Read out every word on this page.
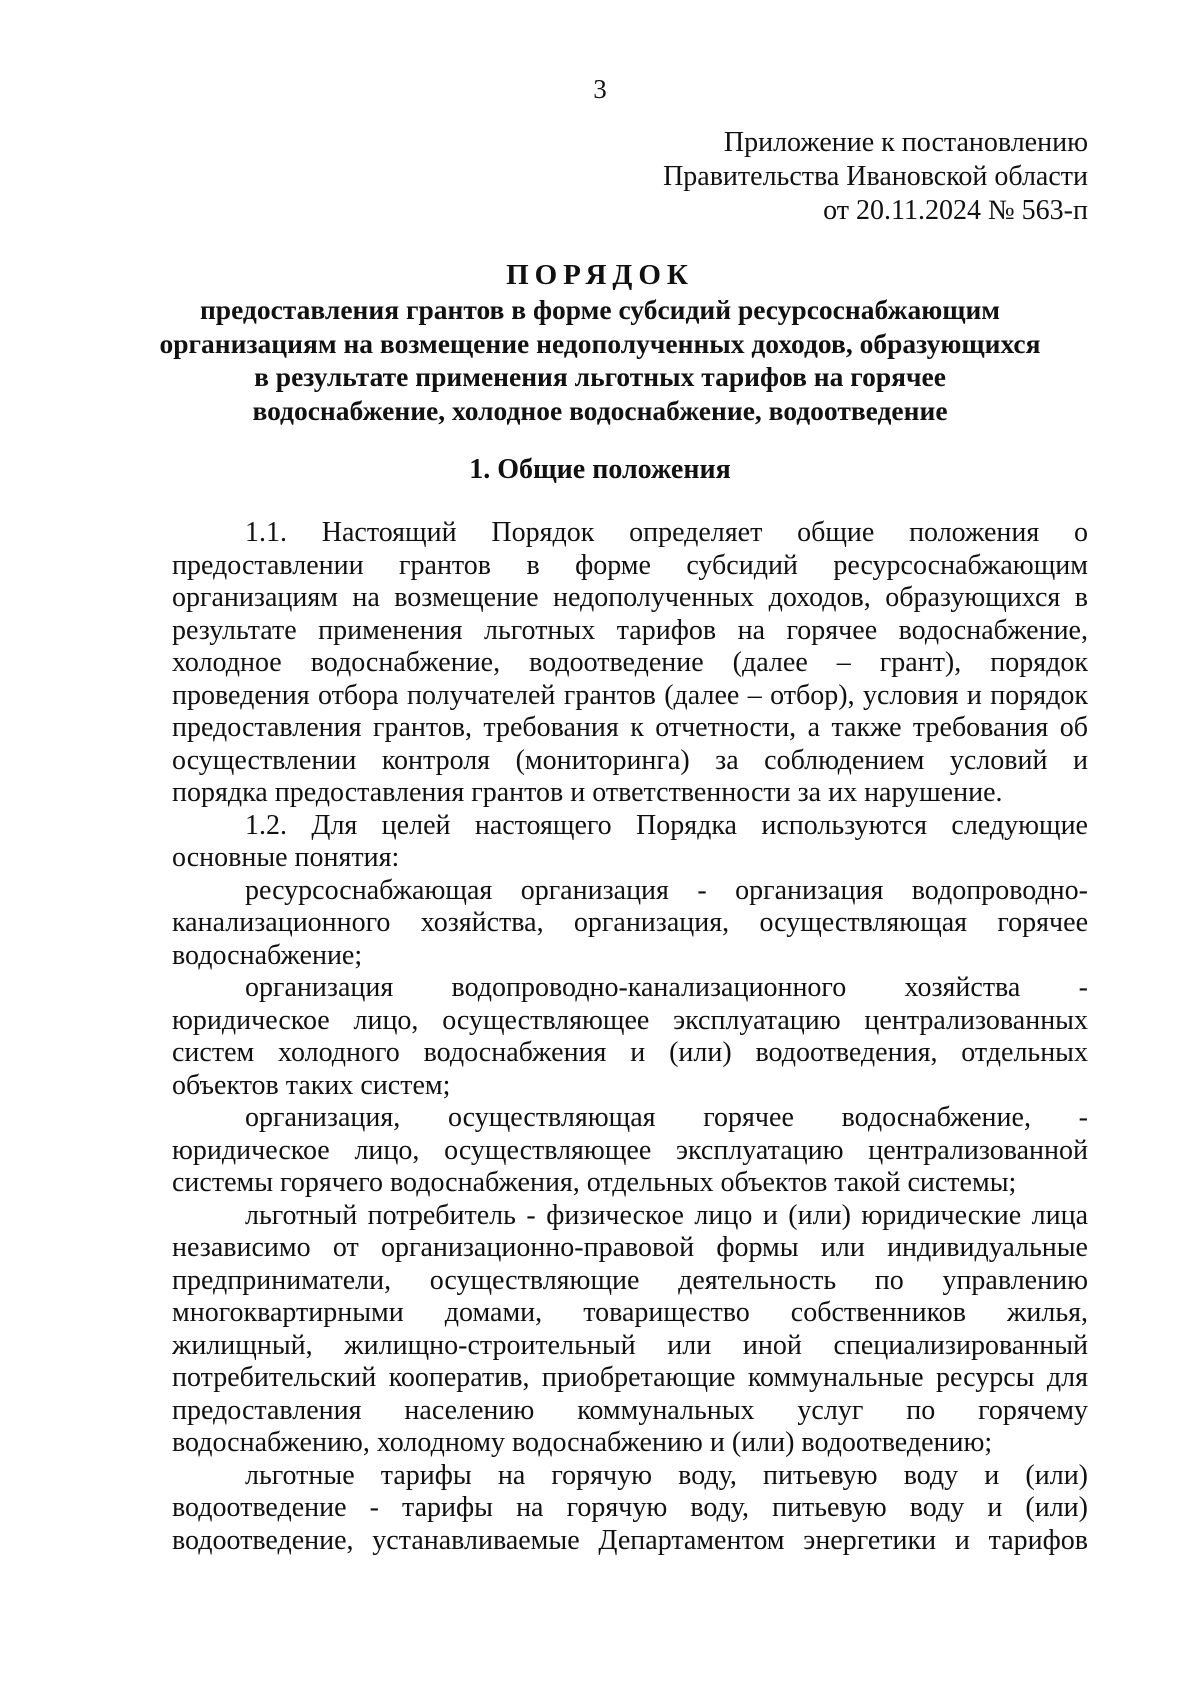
3
Приложение к постановлению
Правительства Ивановской области
от 20.11.2024 № 563-п
ПОРЯДОК
предоставления грантов в форме субсидий ресурсоснабжающим
организациям на возмещение недополученных доходов, образующихся
в результате применения льготных тарифов на горячее
водоснабжение, холодное водоснабжение, водоотведение
1. Общие положения
1.1. Настоящий Порядок определяет общие положения о
предоставлении грантов в форме субсидий ресурсоснабжающим
организациям на возмещение недополученных доходов, образующихся в
результате применения льготных тарифов на горячее водоснабжение,
холодное водоснабжение, водоотведение (далее – грант), порядок
проведения отбора получателей грантов (далее – отбор), условия и порядок
предоставления грантов, требования к отчетности, а также требования об
осуществлении контроля (мониторинга) за соблюдением условий и
порядка предоставления грантов и ответственности за их нарушение.
1.2. Для целей настоящего Порядка используются следующие
основные понятия:
ресурсоснабжающая организация - организация водопроводно-
канализационного хозяйства, организация, осуществляющая горячее
водоснабжение;
организация водопроводно-канализационного хозяйства -
юридическое лицо, осуществляющее эксплуатацию централизованных
систем холодного водоснабжения и (или) водоотведения, отдельных
объектов таких систем;
организация, осуществляющая горячее водоснабжение, -
юридическое лицо, осуществляющее эксплуатацию централизованной
системы горячего водоснабжения, отдельных объектов такой системы;
льготный потребитель - физическое лицо и (или) юридические лица
независимо от организационно-правовой формы или индивидуальные
предприниматели, осуществляющие деятельность по управлению
многоквартирными домами, товарищество собственников жилья,
жилищный, жилищно-строительный или иной специализированный
потребительский кооператив, приобретающие коммунальные ресурсы для
предоставления населению коммунальных услуг по горячему
водоснабжению, холодному водоснабжению и (или) водоотведению;
льготные тарифы на горячую воду, питьевую воду и (или)
водоотведение - тарифы на горячую воду, питьевую воду и (или)
водоотведение, устанавливаемые Департаментом энергетики и тарифов
